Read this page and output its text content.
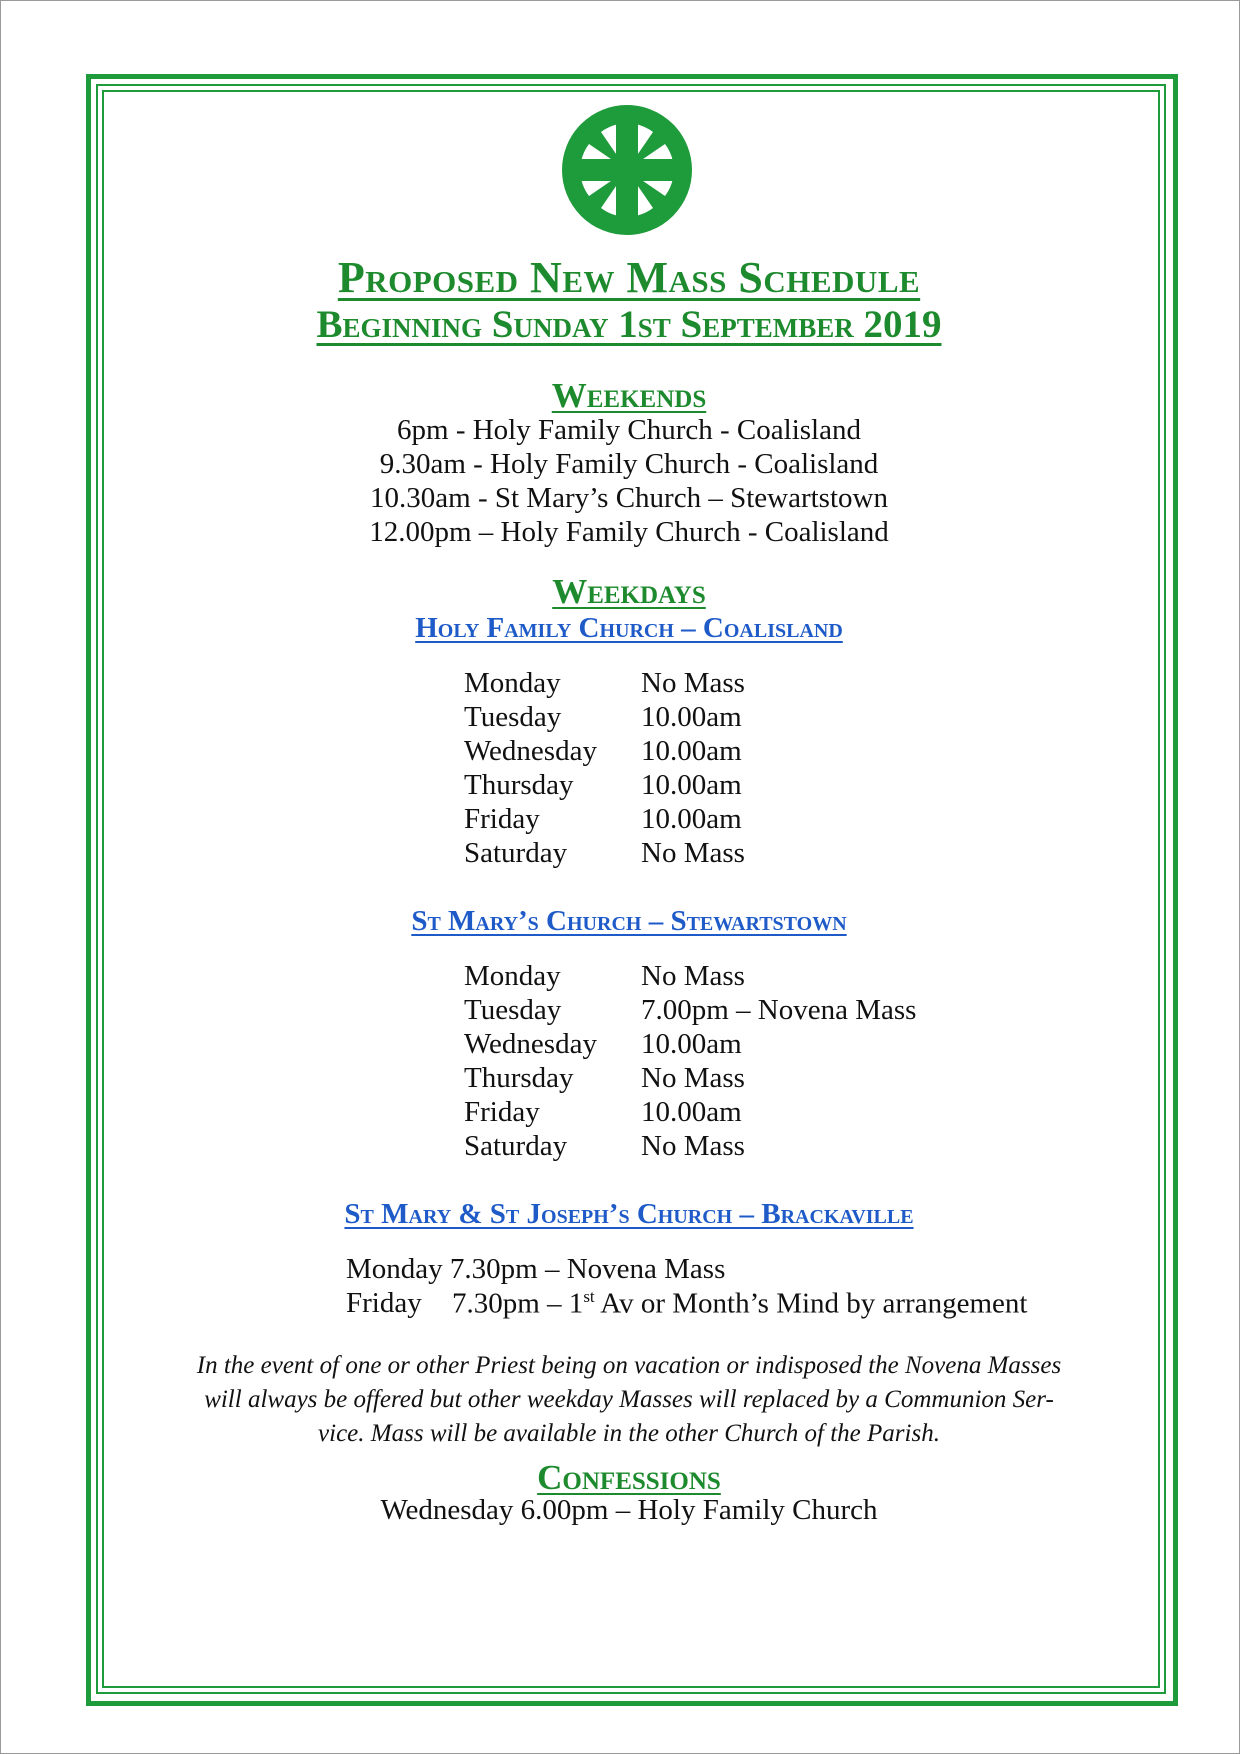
Proposed New Mass Schedule
Beginning Sunday 1st September 2019
Weekends
6pm - Holy Family Church - Coalisland
9.30am - Holy Family Church - Coalisland
10.30am - St Mary’s Church – Stewartstown
12.00pm – Holy Family Church - Coalisland
Weekdays
Holy Family Church – Coalisland
Monday	No Mass
Tuesday	10.00am
Wednesday 10.00am
Thursday 10.00am
Friday	10.00am
Saturday	No Mass
St Mary’s Church – Stewartstown
Monday	No Mass
Tuesday	7.00pm – Novena Mass
Wednesday 10.00am
Thursday No Mass
Friday	10.00am
Saturday	No Mass
St Mary & St Joseph’s Church – Brackaville
Monday 7.30pm – Novena Mass
Friday 7.30pm – 1st Av or Month’s Mind by arrangement
In the event of one or other Priest being on vacation or indisposed the Novena Masses
will always be offered but other weekday Masses will replaced by a Communion Ser-
vice. Mass will be available in the other Church of the Parish.
Confessions
Wednesday 6.00pm – Holy Family Church
